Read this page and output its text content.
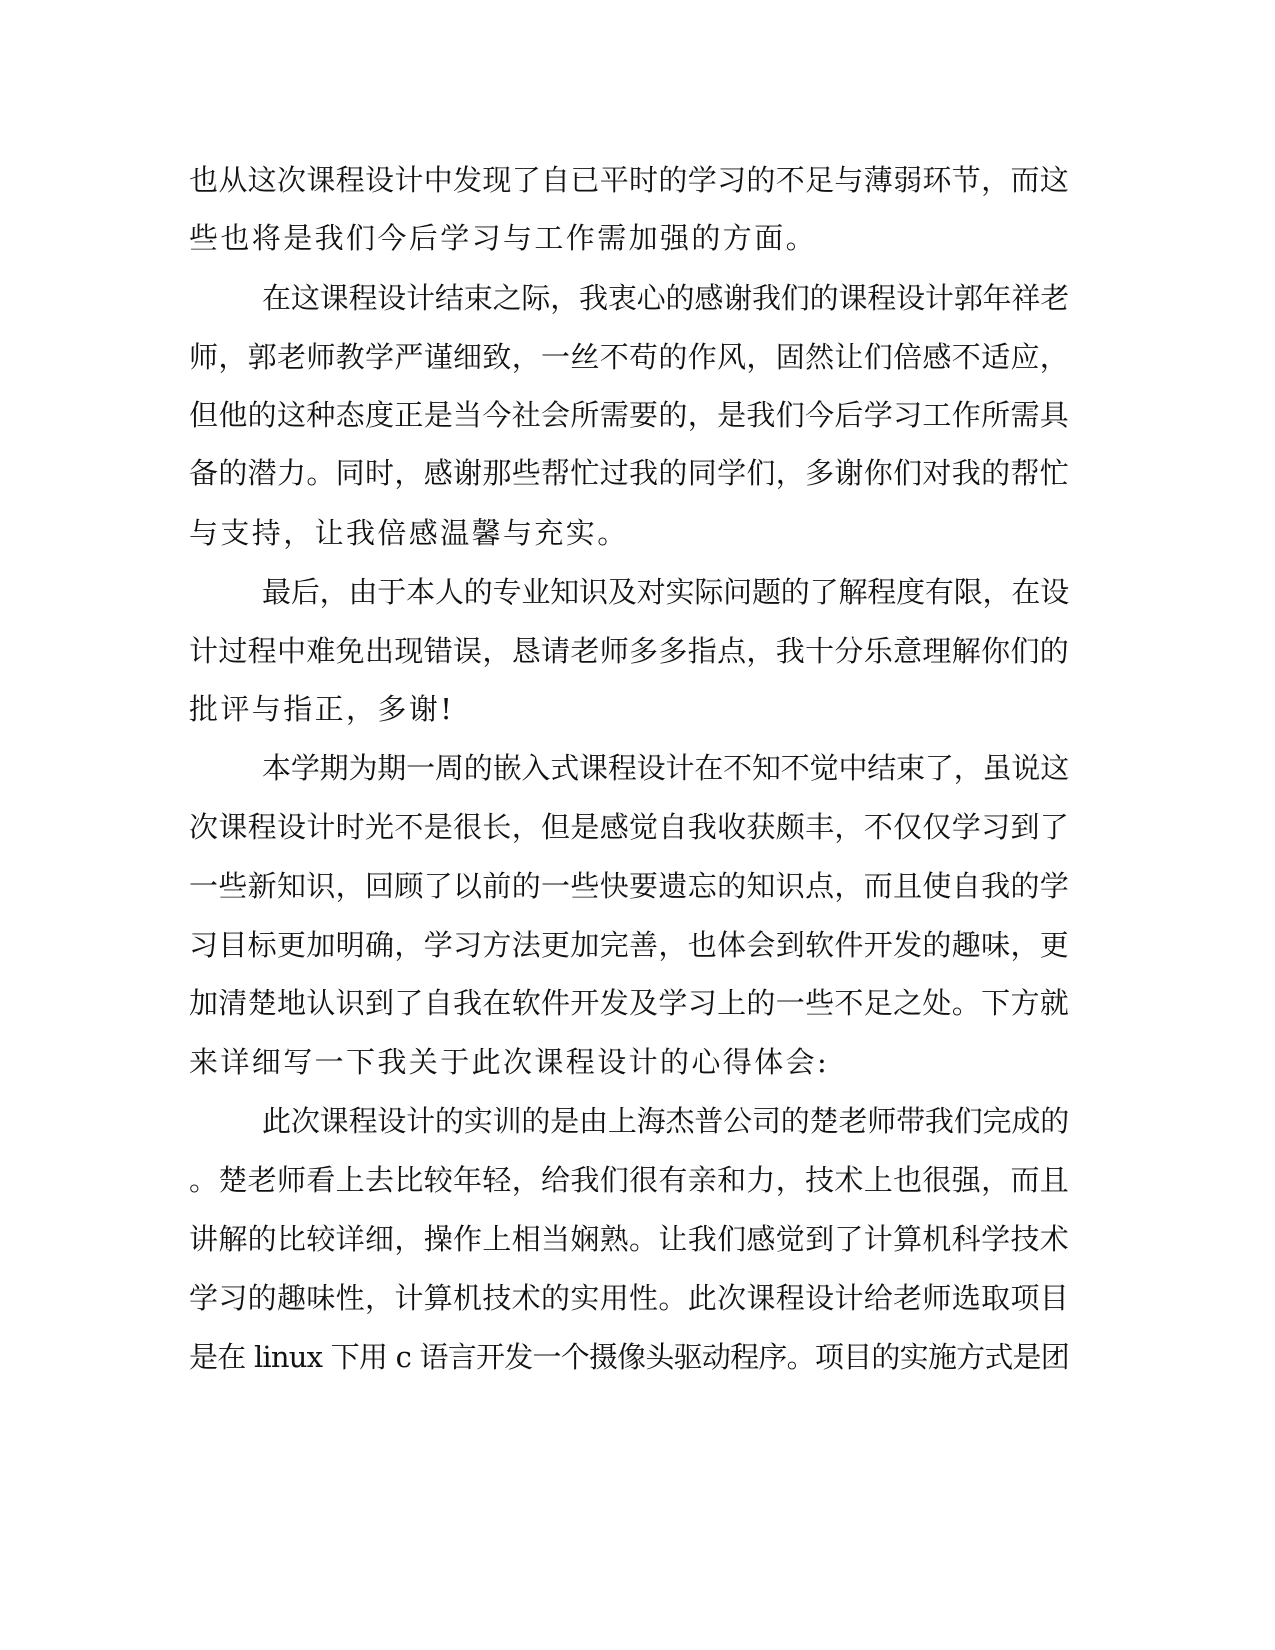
也从这次课程设计中发现了自已平时的学习的不足与薄弱环节，而这

些也将是我们今后学习与工作需加强的方面。

在这课程设计结束之际，我衷心的感谢我们的课程设计郭年祥老

师，郭老师教学严谨细致，一丝不苟的作风，固然让们倍感不适应，

但他的这种态度正是当今社会所需要的，是我们今后学习工作所需具

备的潜力。同时，感谢那些帮忙过我的同学们，多谢你们对我的帮忙

与支持，让我倍感温馨与充实。

最后，由于本人的专业知识及对实际问题的了解程度有限，在设

计过程中难免出现错误，恳请老师多多指点，我十分乐意理解你们的

批评与指正，多谢!

本学期为期一周的嵌入式课程设计在不知不觉中结束了，虽说这

次课程设计时光不是很长，但是感觉自我收获颇丰，不仅仅学习到了

一些新知识，回顾了以前的一些快要遗忘的知识点，而且使自我的学

习目标更加明确，学习方法更加完善，也体会到软件开发的趣味，更

加清楚地认识到了自我在软件开发及学习上的一些不足之处。下方就

来详细写一下我关于此次课程设计的心得体会:

此次课程设计的实训的是由上海杰普公司的楚老师带我们完成的

。楚老师看上去比较年轻，给我们很有亲和力，技术上也很强，而且

讲解的比较详细，操作上相当娴熟。让我们感觉到了计算机科学技术

学习的趣味性，计算机技术的实用性。此次课程设计给老师选取项目

是在 linux 下用 c 语言开发一个摄像头驱动程序。项目的实施方式是团
